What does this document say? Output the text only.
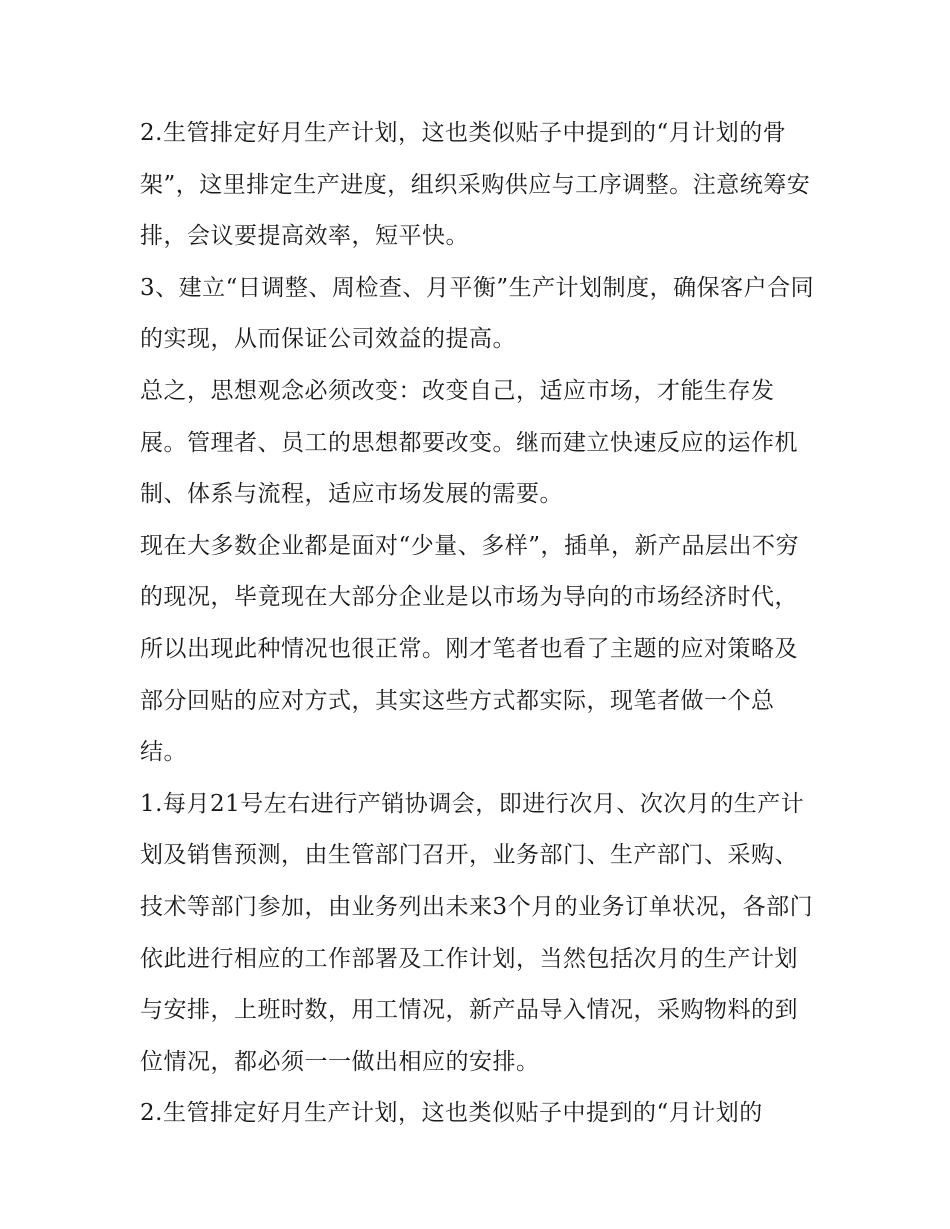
2.生管排定好月生产计划，这也类似贴子中提到的“月计划的骨架”，这里排定生产进度，组织采购供应与工序调整。注意统筹安排，会议要提高效率，短平快。

3、建立“日调整、周检查、月平衡”生产计划制度，确保客户合同的实现，从而保证公司效益的提高。

总之，思想观念必须改变：改变自己，适应市场，才能生存发展。管理者、员工的思想都要改变。继而建立快速反应的运作机制、体系与流程，适应市场发展的需要。

现在大多数企业都是面对“少量、多样”，插单，新产品层出不穷的现况，毕竟现在大部分企业是以市场为导向的市场经济时代，所以出现此种情况也很正常。刚才笔者也看了主题的应对策略及部分回贴的应对方式，其实这些方式都实际，现笔者做一个总结。

1.每月21号左右进行产销协调会，即进行次月、次次月的生产计划及销售预测，由生管部门召开，业务部门、生产部门、采购、技术等部门参加，由业务列出未来3个月的业务订单状况，各部门依此进行相应的工作部署及工作计划，当然包括次月的生产计划与安排，上班时数，用工情况，新产品导入情况，采购物料的到位情况，都必须一一做出相应的安排。

2.生管排定好月生产计划，这也类似贴子中提到的“月计划的
